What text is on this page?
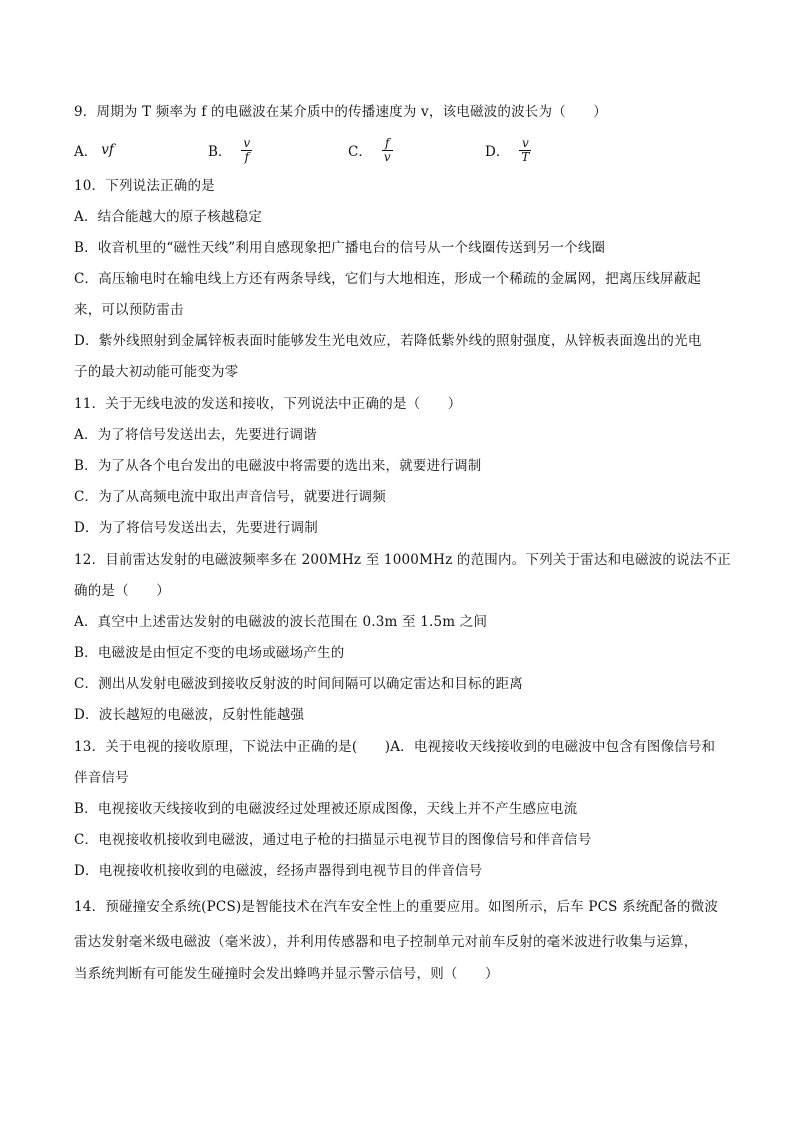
9．周期为 T 频率为 f 的电磁波在某介质中的传播速度为 v，该电磁波的波长为（　　）
A． vf	B． $\frac{v}{f}$	C． $\frac{f}{v}$	D． $\frac{v}{T}$
10．下列说法正确的是
A．结合能越大的原子核越稳定
B．收音机里的“磁性天线”利用自感现象把广播电台的信号从一个线圈传送到另一个线圈
C．高压输电时在输电线上方还有两条导线，它们与大地相连，形成一个稀疏的金属网，把离压线屏蔽起
来，可以预防雷击
D．紫外线照射到金属锌板表面时能够发生光电效应，若降低紫外线的照射强度，从锌板表面逸出的光电
子的最大初动能可能变为零
11．关于无线电波的发送和接收，下列说法中正确的是（　　）
A．为了将信号发送出去，先要进行调谐
B．为了从各个电台发出的电磁波中将需要的选出来，就要进行调制
C．为了从高频电流中取出声音信号，就要进行调频
D．为了将信号发送出去，先要进行调制
12．目前雷达发射的电磁波频率多在 200MHz 至 1000MHz 的范围内。下列关于雷达和电磁波的说法不正
确的是（　　）
A．真空中上述雷达发射的电磁波的波长范围在 0.3m 至 1.5m 之间
B．电磁波是由恒定不变的电场或磁场产生的
C．测出从发射电磁波到接收反射波的时间间隔可以确定雷达和目标的距离
D．波长越短的电磁波，反射性能越强
13．关于电视的接收原理，下说法中正确的是(　　)A．电视接收天线接收到的电磁波中包含有图像信号和
伴音信号
B．电视接收天线接收到的电磁波经过处理被还原成图像，天线上并不产生感应电流
C．电视接收机接收到电磁波，通过电子枪的扫描显示电视节目的图像信号和伴音信号
D．电视接收机接收到的电磁波，经扬声器得到电视节目的伴音信号
14．预碰撞安全系统(PCS)是智能技术在汽车安全性上的重要应用。如图所示，后车 PCS 系统配备的微波
雷达发射毫米级电磁波（毫米波），并利用传感器和电子控制单元对前车反射的毫米波进行收集与运算，
当系统判断有可能发生碰撞时会发出蜂鸣并显示警示信号，则（　　）
